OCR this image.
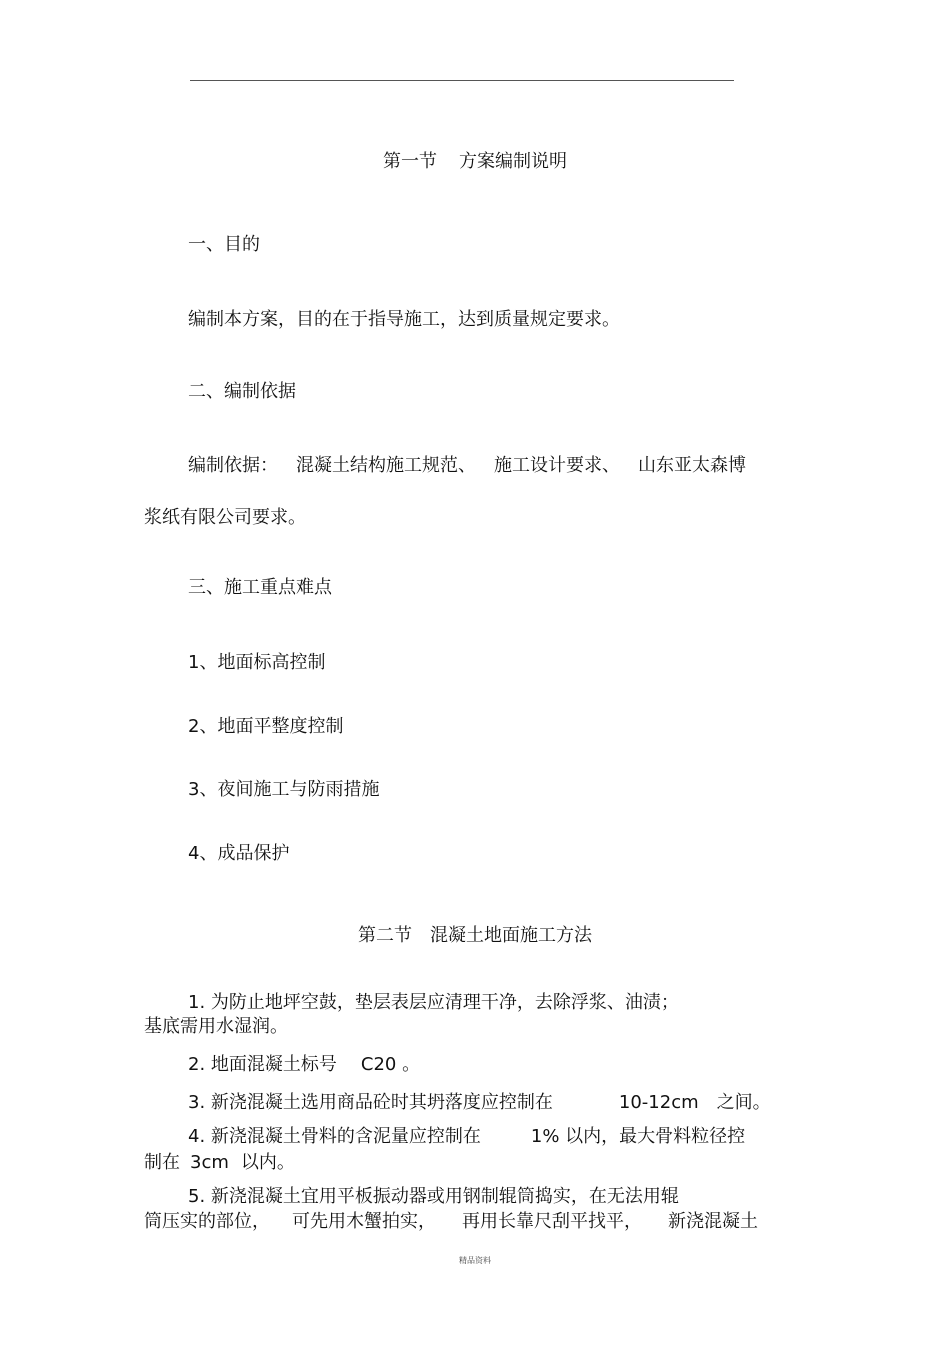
第一节 方案编制说明
一、目的
编制本方案，目的在于指导施工，达到质量规定要求。
二、编制依据
编制依据： 混凝土结构施工规范、 施工设计要求、 山东亚太森博
浆纸有限公司要求。
三、施工重点难点
1、地面标高控制
2、地面平整度控制
3、夜间施工与防雨措施
4、成品保护
第二节 混凝土地面施工方法
1. 为防止地坪空鼓，垫层表层应清理干净，去除浮浆、油渍；
基底需用水湿润。
2. 地面混凝土标号 C20 。
3. 新浇混凝土选用商品砼时其坍落度应控制在	10-12cm 之间。
4. 新浇混凝土骨料的含泥量应控制在	1% 以内，最大骨料粒径控
制在 3cm 以内。
5. 新浇混凝土宜用平板振动器或用钢制辊筒捣实，在无法用辊
筒压实的部位， 可先用木蟹拍实， 再用长靠尺刮平找平， 新浇混凝土
精品资料
